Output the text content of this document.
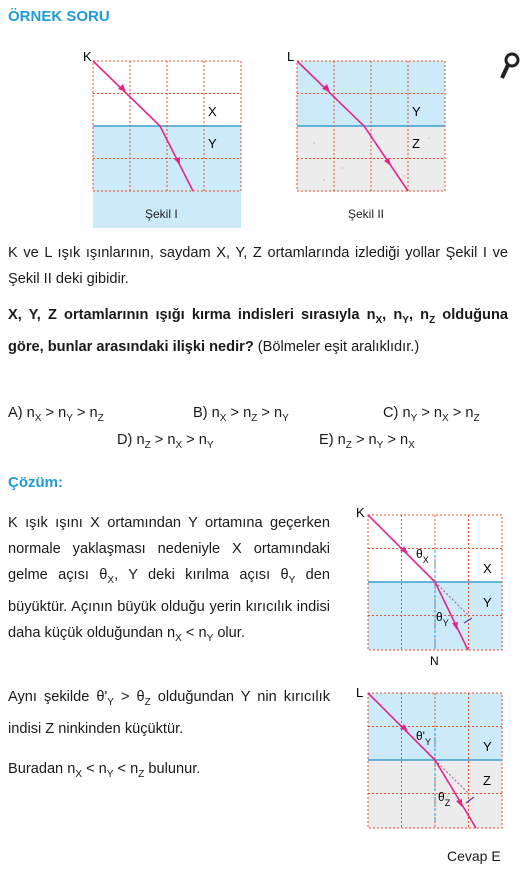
ÖRNEK SORU
K
X
Y
Şekil I
L
Y
Z
Şekil II
K ve L ışık ışınlarının, saydam X, Y, Z ortamlarında izlediği yollar Şekil I ve Şekil II deki gibidir.
X, Y, Z ortamlarının ışığı kırma indisleri sırasıyla $n_X$, $n_Y$, $n_Z$ olduğuna göre, bunlar arasındaki ilişki nedir? (Bölmeler eşit aralıklıdır.)
A) $n_X > n_Y > n_Z$	B) $n_X > n_Z > n_Y$	C) $n_Y > n_X > n_Z$
D) $n_Z > n_X > n_Y$	E) $n_Z > n_Y > n_X$
Çözüm:
K ışık ışını X ortamından Y ortamına geçerken normale yaklaşması nedeniyle X ortamındaki gelme açısı $\theta_X$, Y deki kırılma açısı $\theta_Y$ den büyüktür. Açının büyük olduğu yerin kırıcılık indisi daha küçük olduğundan $n_X < n_Y$ olur.
Aynı şekilde $\theta'_Y > \theta_Z$ olduğundan Y nin kırıcılık indisi Z ninkinden küçüktür.
Buradan $n_X < n_Y < n_Z$ bulunur.
K
$\theta_X$
X
Y
$\theta_Y$
N
L
$\theta'_Y$	Y
Z
$\theta_Z$
Cevap E
